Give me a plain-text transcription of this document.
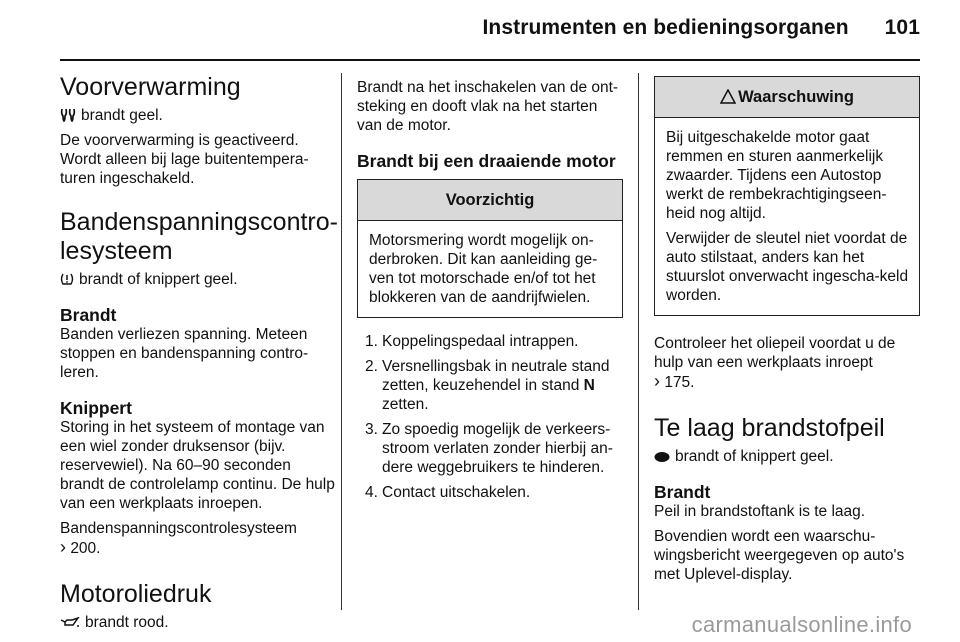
Instrumenten en bedieningsorganen 101
Voorverwarming

brandt geel.

De voorverwarming is geactiveerd. Wordt alleen bij lage buitentempera-turen ingeschakeld.

Bandenspanningscontro-lesysteem

brandt of knippert geel.

Brandt

Banden verliezen spanning. Meteen stoppen en bandenspanning contro-leren.

Knippert

Storing in het systeem of montage van een wiel zonder druksensor (bijv. reservewiel). Na 60–90 seconden brandt de controlelamp continu. De hulp van een werkplaats inroepen.

Bandenspanningscontrolesysteem
› 200.

Motoroliedruk

brandt rood.

Brandt na het inschakelen van de ont-steking en dooft vlak na het starten van de motor.

Brandt bij een draaiende motor
Voorzichtig
Motorsmering wordt mogelijk on-derbroken. Dit kan aanleiding ge-ven tot motorschade en/of tot het blokkeren van de aandrijfwielen.
1. Koppelingspedaal intrappen.
2. Versnellingsbak in neutrale stand zetten, keuzehendel in stand N zetten.
3. Zo spoedig mogelijk de verkeers-stroom verlaten zonder hierbij an-dere weggebruikers te hinderen.
4. Contact uitschakelen.
Waarschuwing

Bij uitgeschakelde motor gaat remmen en sturen aanmerkelijk zwaarder. Tijdens een Autostop werkt de rembekrachtigingseen-heid nog altijd.

Verwijder de sleutel niet voordat de auto stilstaat, anders kan het stuurslot onverwacht ingescha-keld worden.

Controleer het oliepeil voordat u de hulp van een werkplaats inroept
› 175.

Te laag brandstofpeil

brandt of knippert geel.

Brandt

Peil in brandstoftank is te laag.

Bovendien wordt een waarschu-wingsbericht weergegeven op auto's met Uplevel-display.

carmanualsonline.info
